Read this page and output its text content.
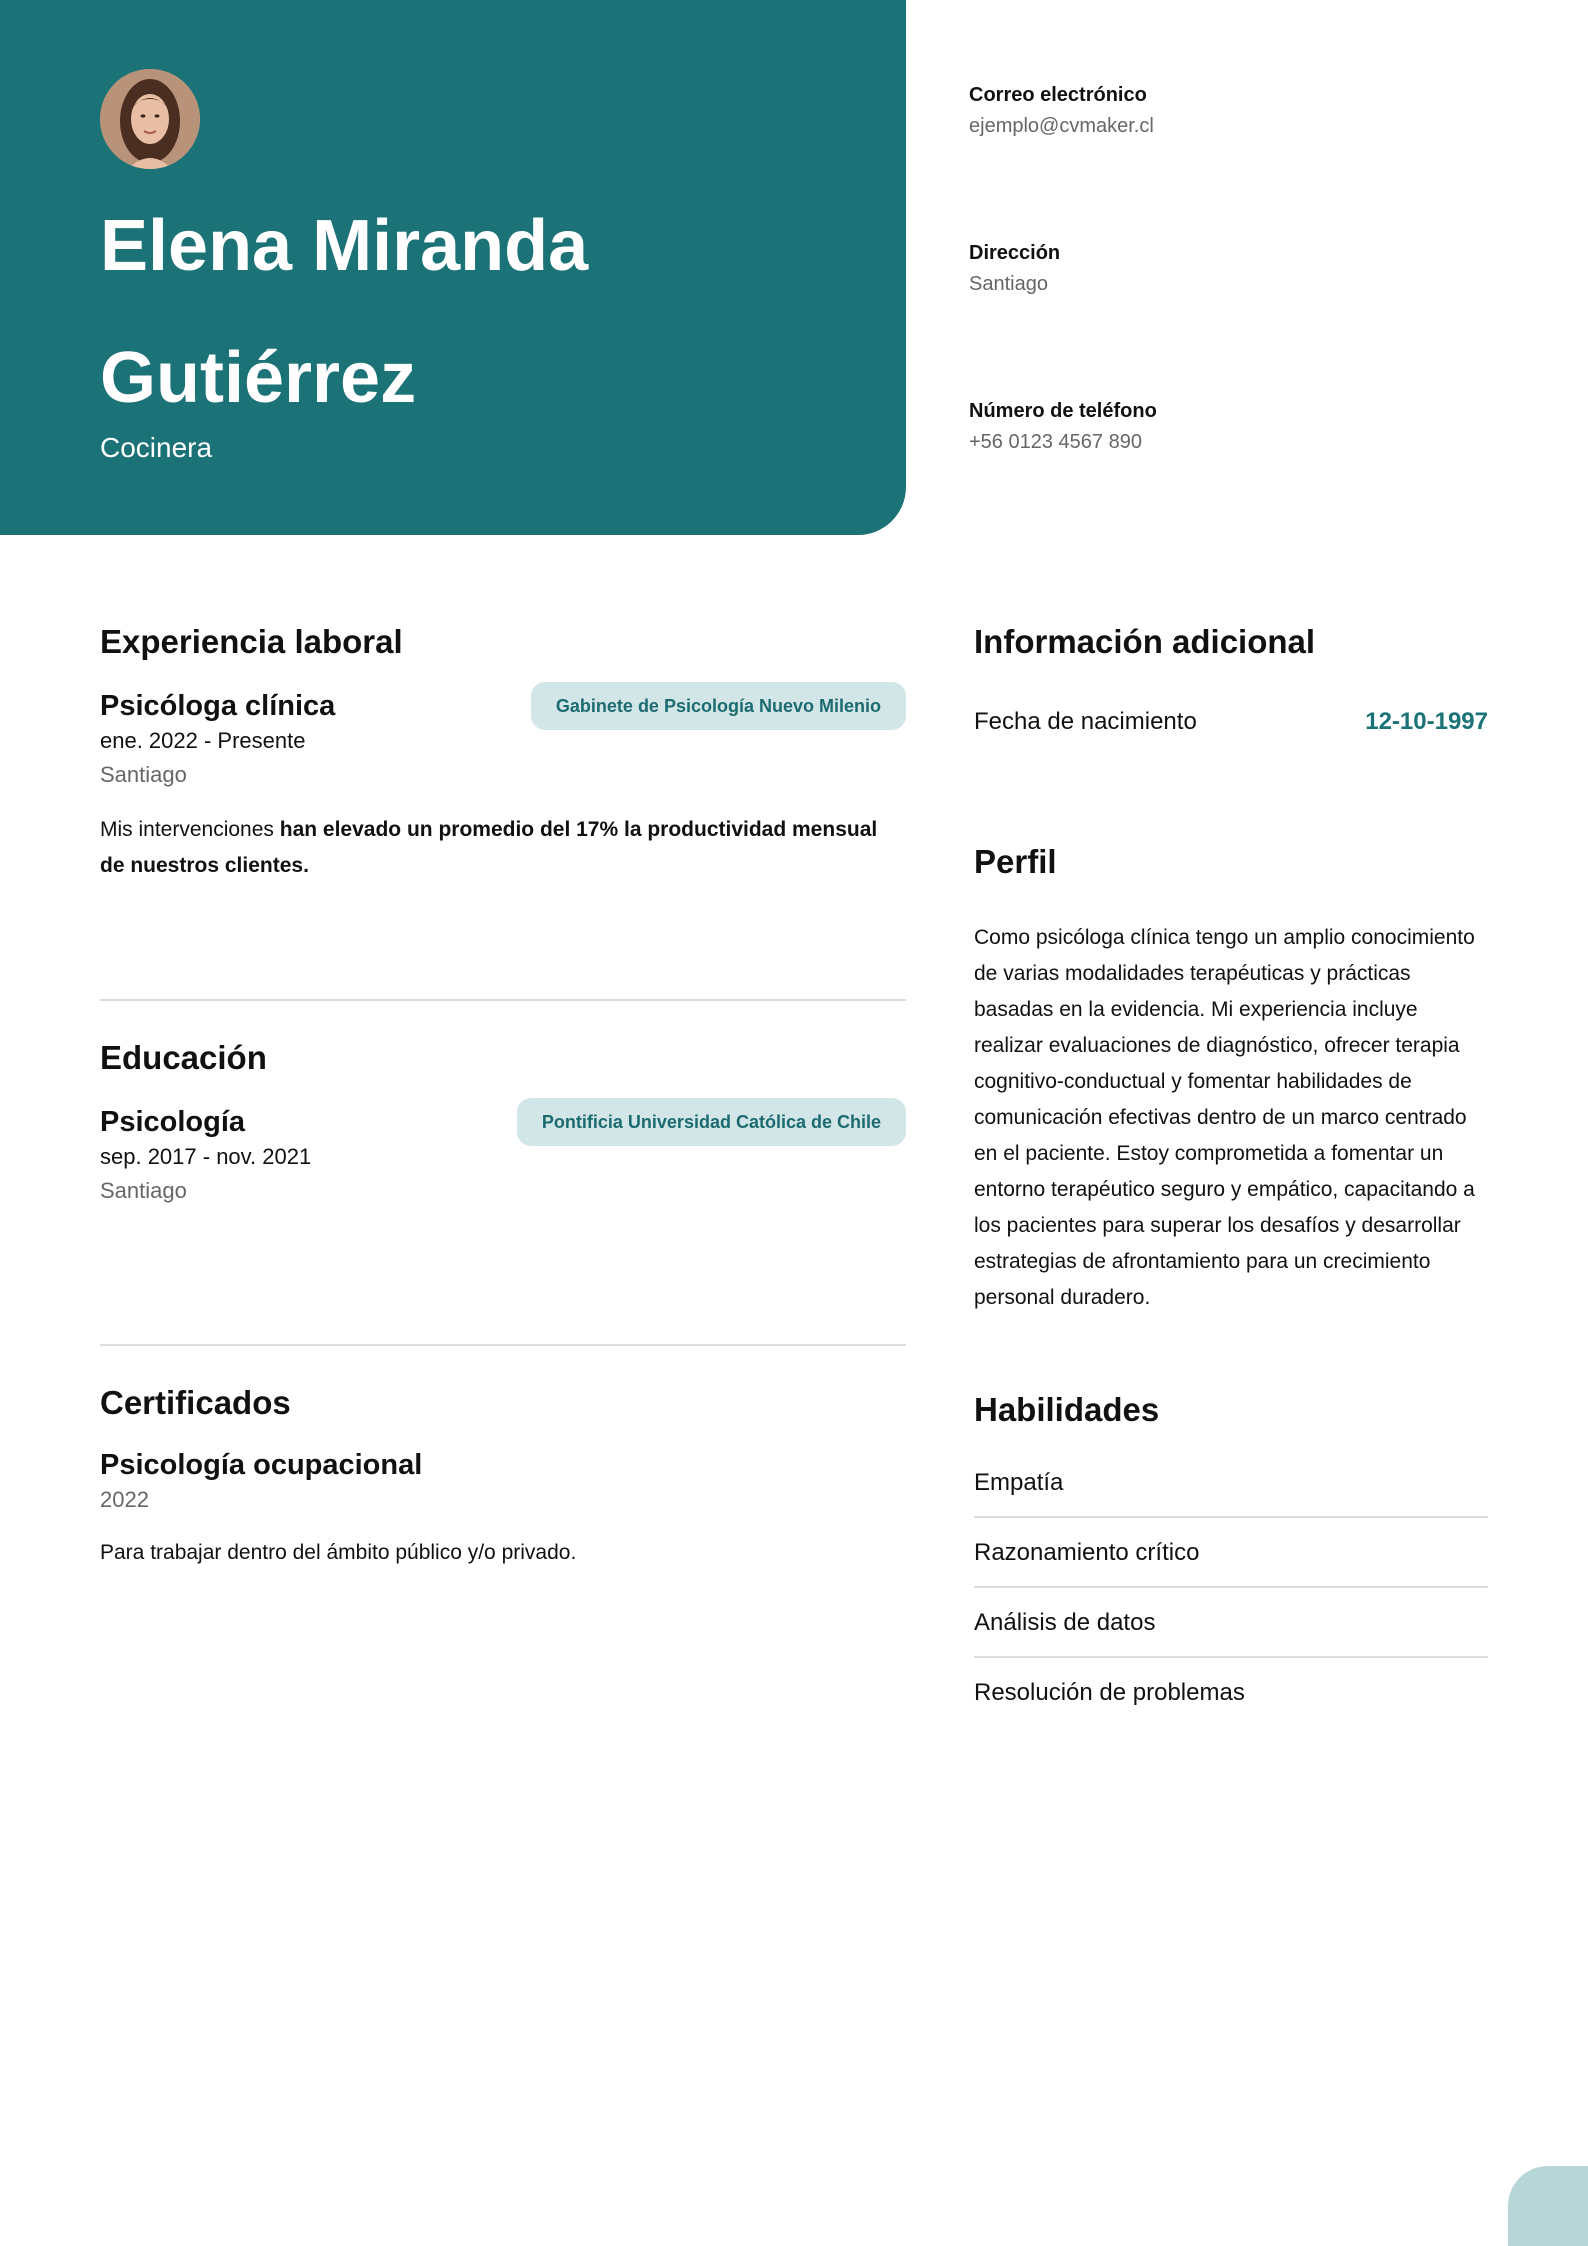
Elena Miranda Gutiérrez
Cocinera
Correo electrónico
ejemplo@cvmaker.cl
Dirección
Santiago
Número de teléfono
+56 0123 4567 890
Experiencia laboral
Gabinete de Psicología Nuevo Milenio
Psicóloga clínica
ene. 2022 - Presente
Santiago
Mis intervenciones han elevado un promedio del 17% la productividad mensual de nuestros clientes.
Educación
Pontificia Universidad Católica de Chile
Psicología
sep. 2017 - nov. 2021
Santiago
Certificados
Psicología ocupacional
2022
Para trabajar dentro del ámbito público y/o privado.
Información adicional
Fecha de nacimiento	12-10-1997
Perfil
Como psicóloga clínica tengo un amplio conocimiento de varias modalidades terapéuticas y prácticas basadas en la evidencia. Mi experiencia incluye realizar evaluaciones de diagnóstico, ofrecer terapia cognitivo-conductual y fomentar habilidades de comunicación efectivas dentro de un marco centrado en el paciente. Estoy comprometida a fomentar un entorno terapéutico seguro y empático, capacitando a los pacientes para superar los desafíos y desarrollar estrategias de afrontamiento para un crecimiento personal duradero.
Habilidades
Empatía
Razonamiento crítico
Análisis de datos
Resolución de problemas
